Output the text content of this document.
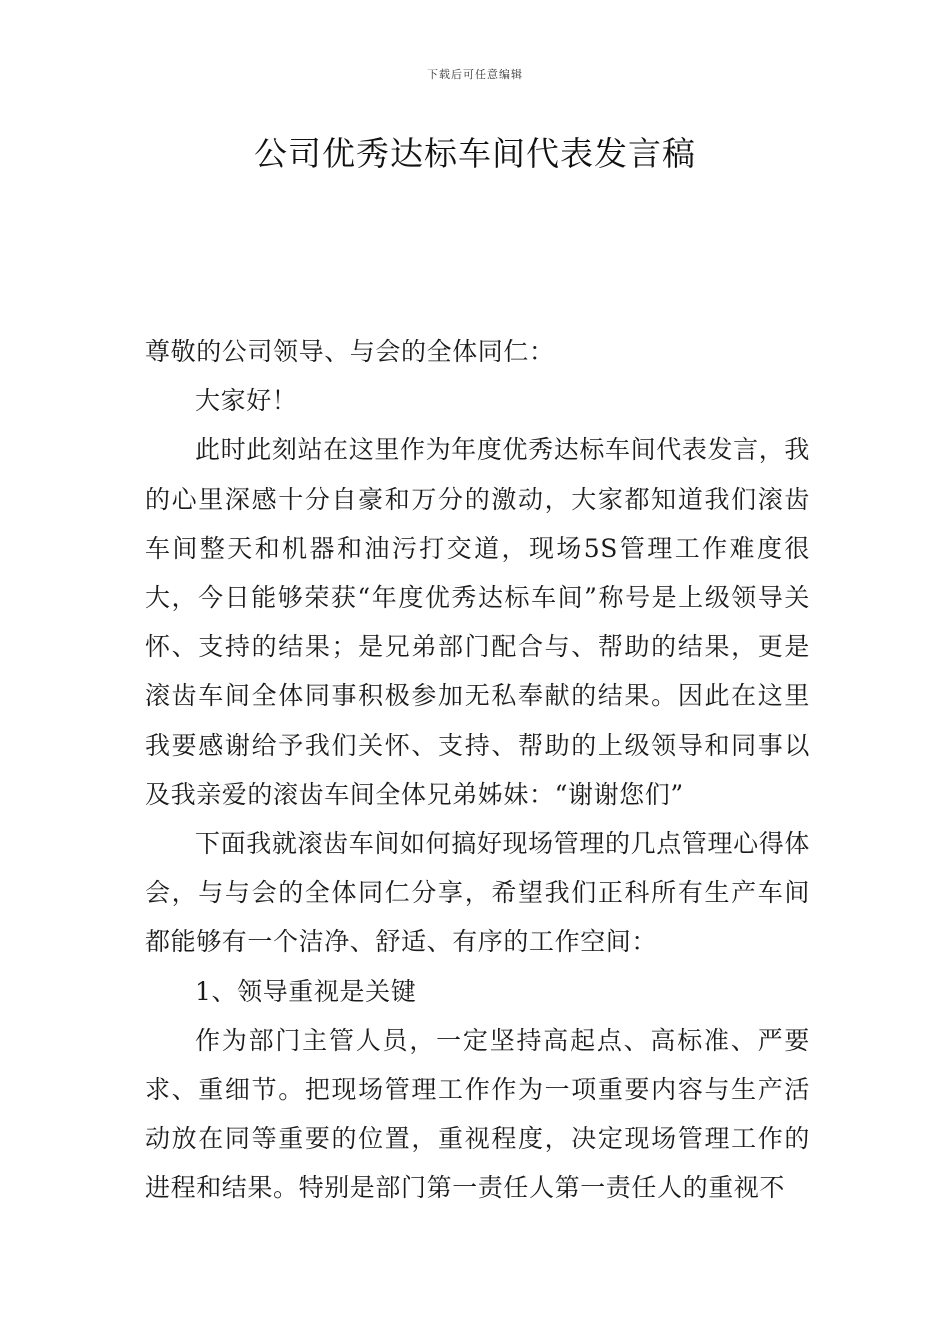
下载后可任意编辑
公司优秀达标车间代表发言稿

尊敬的公司领导、与会的全体同仁：

大家好！

此时此刻站在这里作为年度优秀达标车间代表发言，我的心里深感十分自豪和万分的激动，大家都知道我们滚齿车间整天和机器和油污打交道，现场5S管理工作难度很大，今日能够荣获“年度优秀达标车间”称号是上级领导关怀、支持的结果；是兄弟部门配合与、帮助的结果，更是滚齿车间全体同事积极参加无私奉献的结果。因此在这里我要感谢给予我们关怀、支持、帮助的上级领导和同事以及我亲爱的滚齿车间全体兄弟姊妹：“谢谢您们”

下面我就滚齿车间如何搞好现场管理的几点管理心得体会，与与会的全体同仁分享，希望我们正科所有生产车间都能够有一个洁净、舒适、有序的工作空间：

1、领导重视是关键

作为部门主管人员，一定坚持高起点、高标准、严要求、重细节。把现场管理工作作为一项重要内容与生产活动放在同等重要的位置，重视程度，决定现场管理工作的进程和结果。特别是部门第一责任人第一责任人的重视不
